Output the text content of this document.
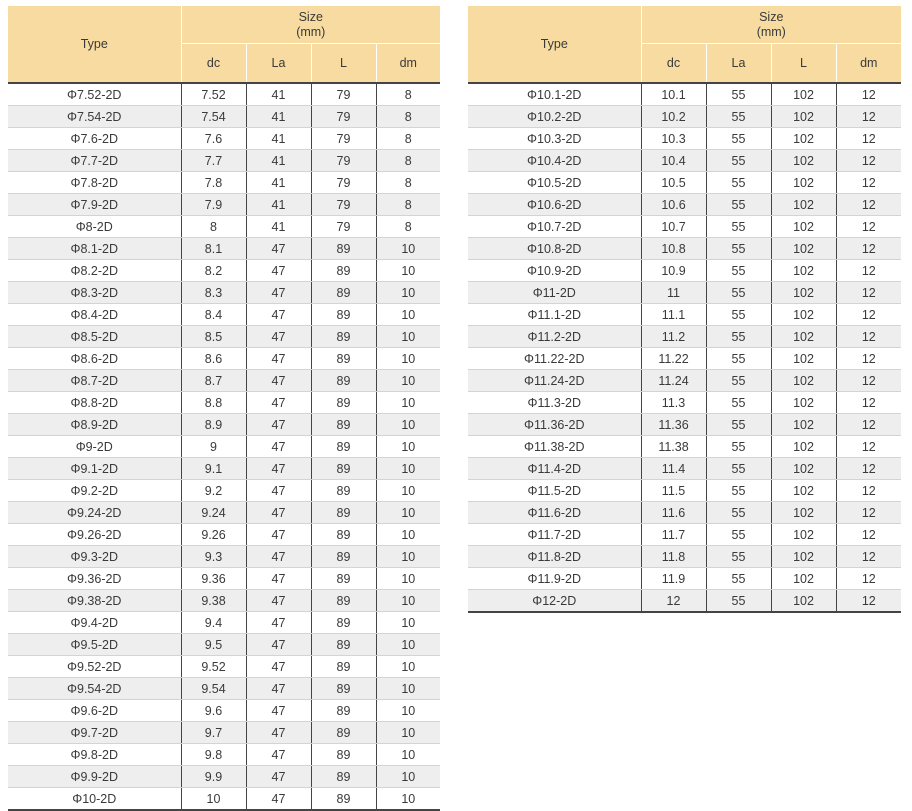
Type	Size
(mm)			

	dc	La	L	dm
Φ7.52-2D	7.52	41	79	8
Φ7.54-2D	7.54	41	79	8
Φ7.6-2D	7.6	41	79	8
Φ7.7-2D	7.7	41	79	8
Φ7.8-2D	7.8	41	79	8
Φ7.9-2D	7.9	41	79	8
Φ8-2D	8	41	79	8
Φ8.1-2D	8.1	47	89	10
Φ8.2-2D	8.2	47	89	10
Φ8.3-2D	8.3	47	89	10
Φ8.4-2D	8.4	47	89	10
Φ8.5-2D	8.5	47	89	10
Φ8.6-2D	8.6	47	89	10
Φ8.7-2D	8.7	47	89	10
Φ8.8-2D	8.8	47	89	10
Φ8.9-2D	8.9	47	89	10
Φ9-2D	9	47	89	10
Φ9.1-2D	9.1	47	89	10
Φ9.2-2D	9.2	47	89	10
Φ9.24-2D	9.24	47	89	10
Φ9.26-2D	9.26	47	89	10
Φ9.3-2D	9.3	47	89	10
Φ9.36-2D	9.36	47	89	10
Φ9.38-2D	9.38	47	89	10
Φ9.4-2D	9.4	47	89	10
Φ9.5-2D	9.5	47	89	10
Φ9.52-2D	9.52	47	89	10
Φ9.54-2D	9.54	47	89	10
Φ9.6-2D	9.6	47	89	10
Φ9.7-2D	9.7	47	89	10
Φ9.8-2D	9.8	47	89	10
Φ9.9-2D	9.9	47	89	10
Φ10-2D	10	47	89	10
Type	Size
(mm)			

	dc	La	L	dm
Φ10.1-2D	10.1	55	102	12
Φ10.2-2D	10.2	55	102	12
Φ10.3-2D	10.3	55	102	12
Φ10.4-2D	10.4	55	102	12
Φ10.5-2D	10.5	55	102	12
Φ10.6-2D	10.6	55	102	12
Φ10.7-2D	10.7	55	102	12
Φ10.8-2D	10.8	55	102	12
Φ10.9-2D	10.9	55	102	12
Φ11-2D	11	55	102	12
Φ11.1-2D	11.1	55	102	12
Φ11.2-2D	11.2	55	102	12
Φ11.22-2D	11.22	55	102	12
Φ11.24-2D	11.24	55	102	12
Φ11.3-2D	11.3	55	102	12
Φ11.36-2D	11.36	55	102	12
Φ11.38-2D	11.38	55	102	12
Φ11.4-2D	11.4	55	102	12
Φ11.5-2D	11.5	55	102	12
Φ11.6-2D	11.6	55	102	12
Φ11.7-2D	11.7	55	102	12
Φ11.8-2D	11.8	55	102	12
Φ11.9-2D	11.9	55	102	12
Φ12-2D	12	55	102	12
